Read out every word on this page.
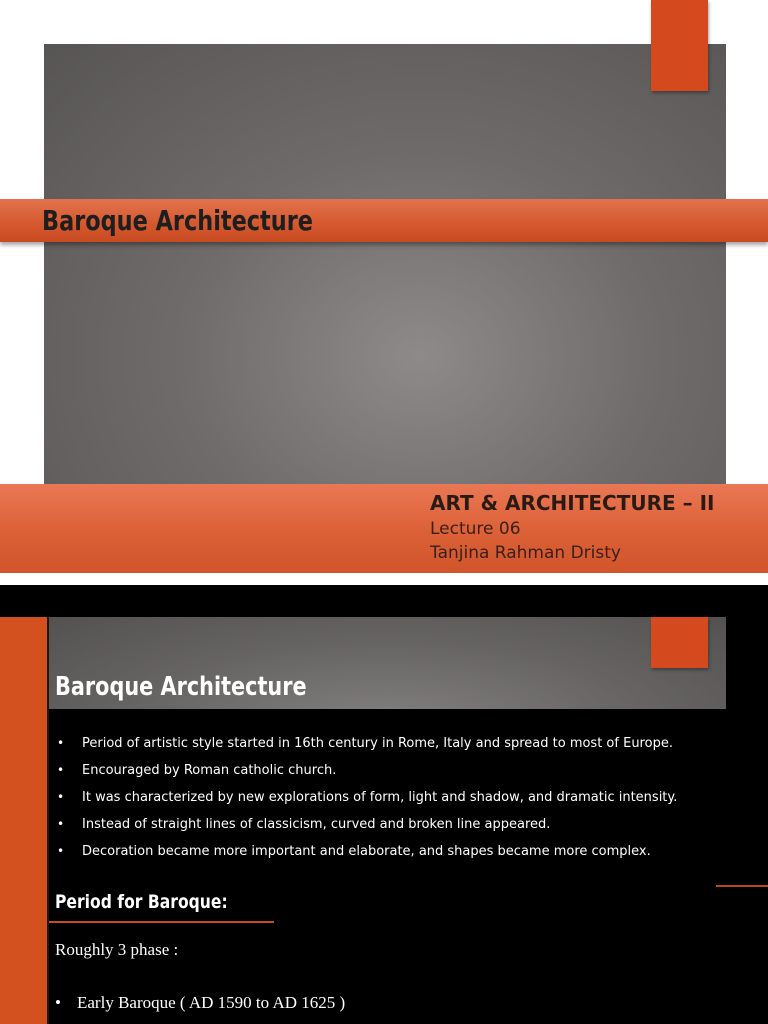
Baroque Architecture
ART & ARCHITECTURE – II
Lecture 06
Tanjina Rahman Dristy
Baroque Architecture
• Period of artistic style started in 16th century in Rome, Italy and spread to most of Europe.
• Encouraged by Roman catholic church.
• It was characterized by new explorations of form, light and shadow, and dramatic intensity.
• Instead of straight lines of classicism, curved and broken line appeared.
• Decoration became more important and elaborate, and shapes became more complex.
Period for Baroque:
Roughly 3 phase :
• Early Baroque ( AD 1590 to AD 1625 )
